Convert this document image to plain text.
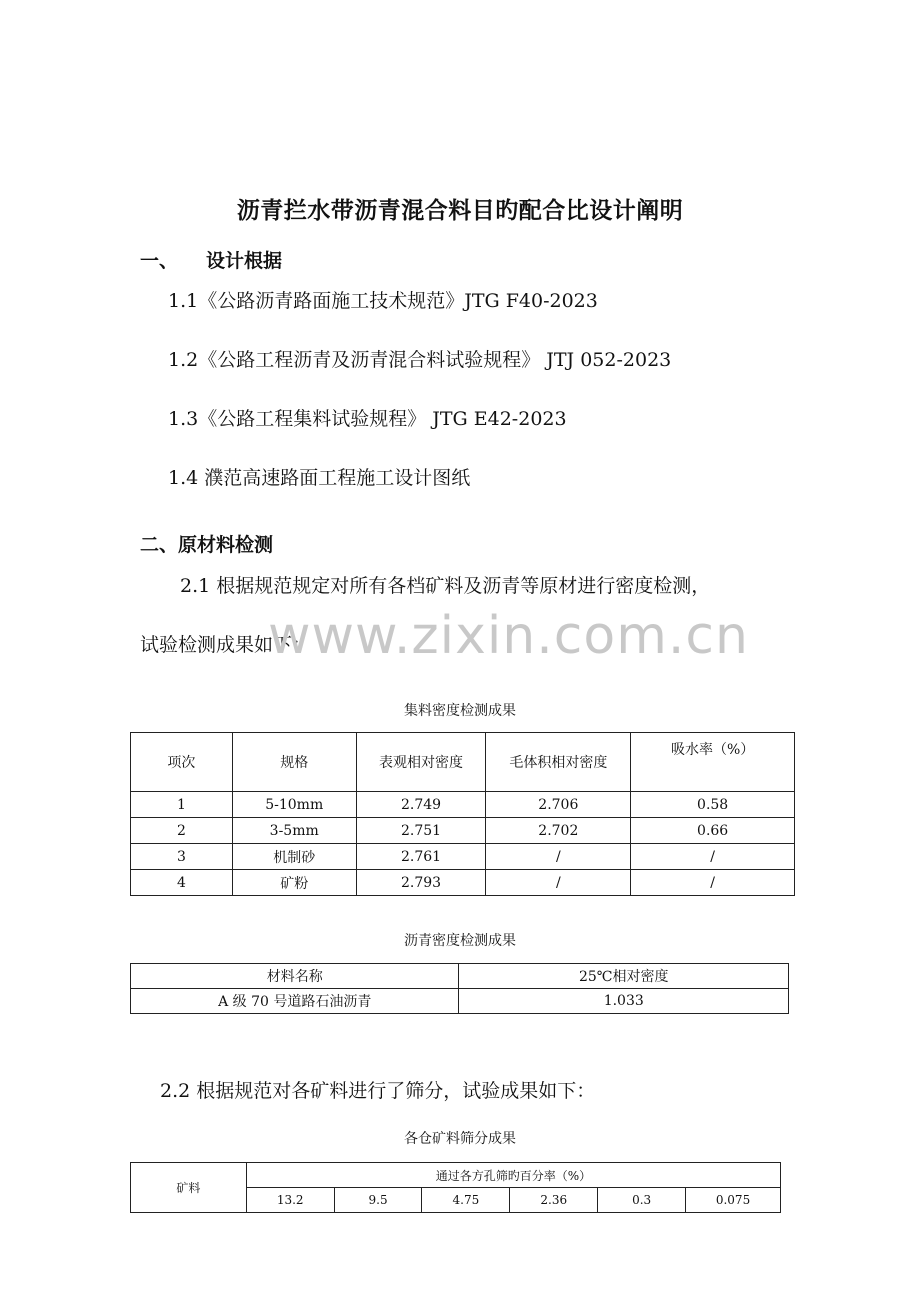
沥青拦水带沥青混合料目旳配合比设计阐明
一、 设计根据
1.1《公路沥青路面施工技术规范》JTG F40-2023
1.2《公路工程沥青及沥青混合料试验规程》 JTJ 052-2023
1.3《公路工程集料试验规程》 JTG E42-2023
1.4 濮范高速路面工程施工设计图纸
二、原材料检测
2.1 根据规范规定对所有各档矿料及沥青等原材进行密度检测，
试验检测成果如下：
www.zixin.com.cn
集料密度检测成果
项次	规格	表观相对密度	毛体积相对密度	吸水率（%）
1	5-10mm	2.749	2.706	0.58
2	3-5mm	2.751	2.702	0.66
3	机制砂	2.761	/	/
4	矿粉	2.793	/	/
沥青密度检测成果
材料名称	25℃相对密度
A 级 70 号道路石油沥青	1.033
2.2 根据规范对各矿料进行了筛分，试验成果如下：
各仓矿料筛分成果
矿料	通过各方孔筛旳百分率（%）					
	13.2	9.5	4.75	2.36	0.3	0.075
